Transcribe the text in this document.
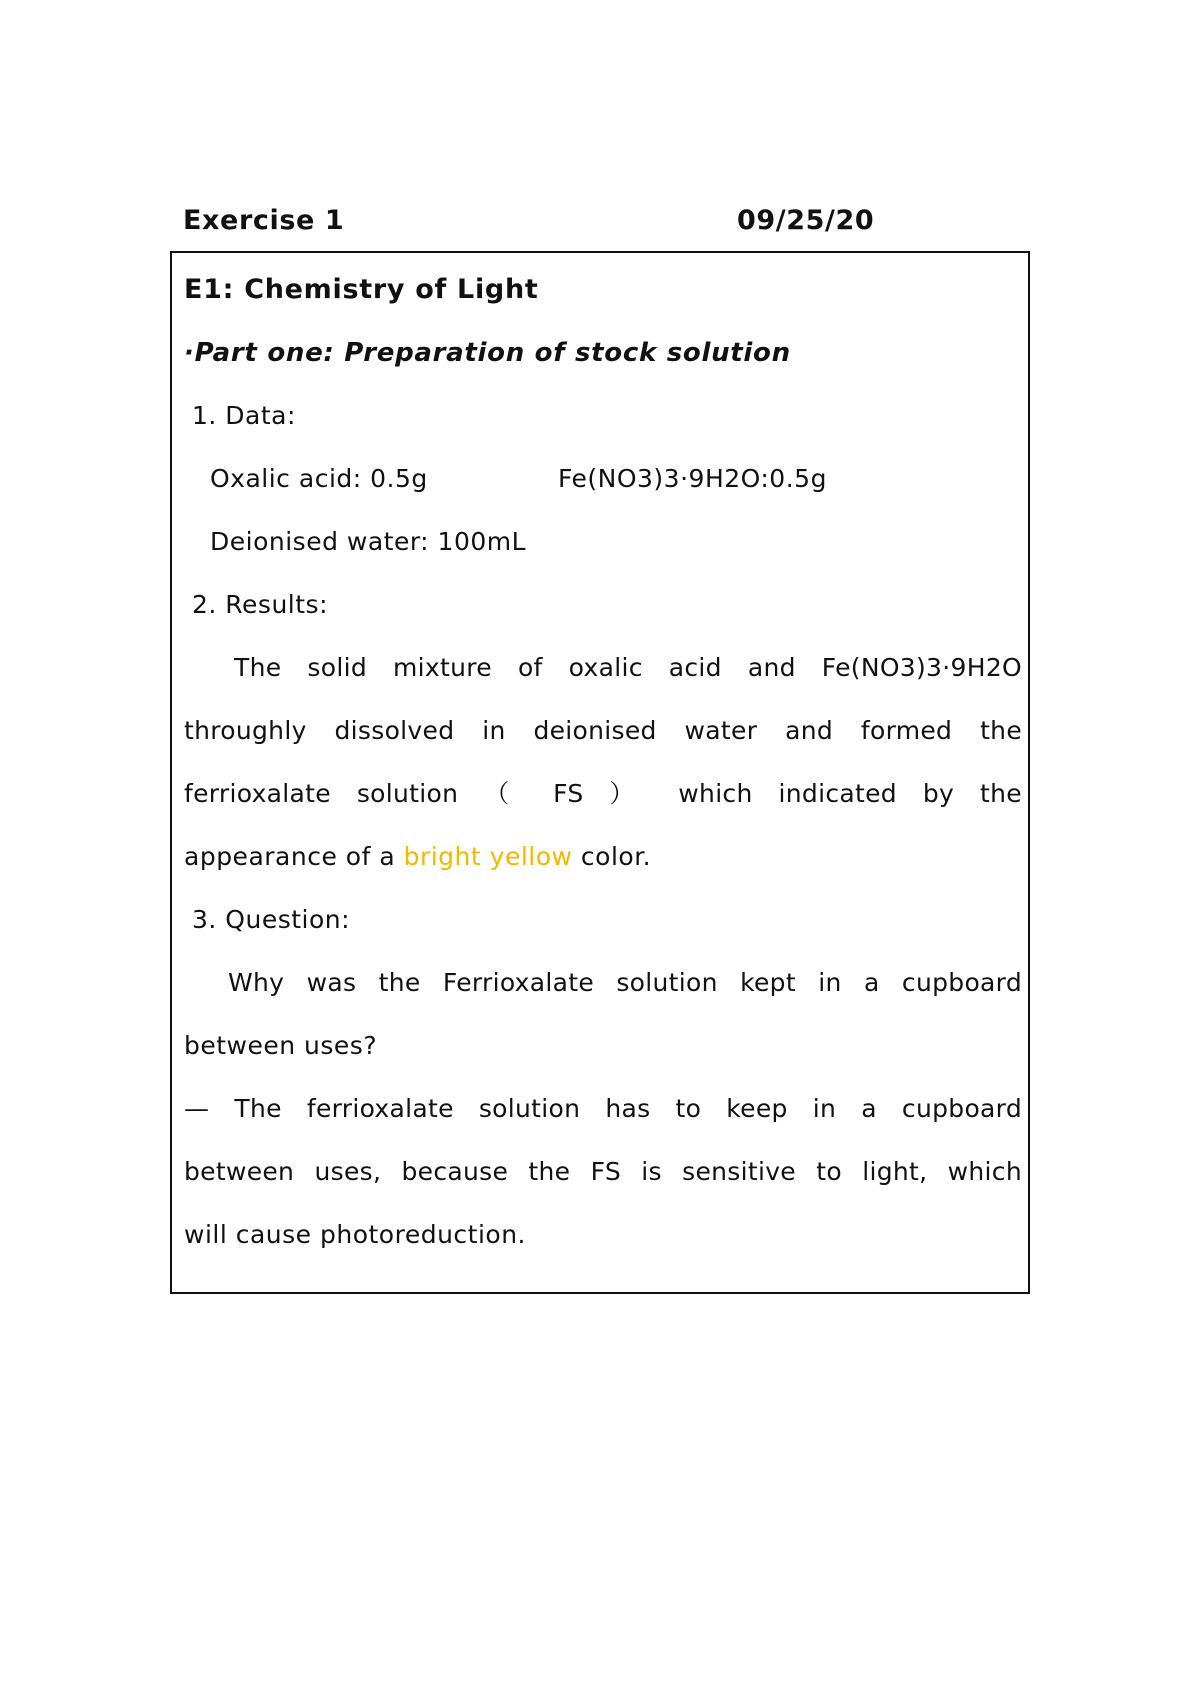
Exercise 1	09/25/20
E1: Chemistry of Light
·Part one: Preparation of stock solution
1. Data:
Oxalic acid: 0.5g	Fe(NO3)3·9H2O:0.5g
Deionised water: 100mL
2. Results:
The solid mixture of oxalic acid and Fe(NO3)3·9H2O
throughly dissolved in deionised water and formed the
ferrioxalate solution （ FS ） which indicated by the
appearance of a bright yellow color.
3. Question:
Why was the Ferrioxalate solution kept in a cupboard
between uses?
— The ferrioxalate solution has to keep in a cupboard
between uses, because the FS is sensitive to light, which
will cause photoreduction.
